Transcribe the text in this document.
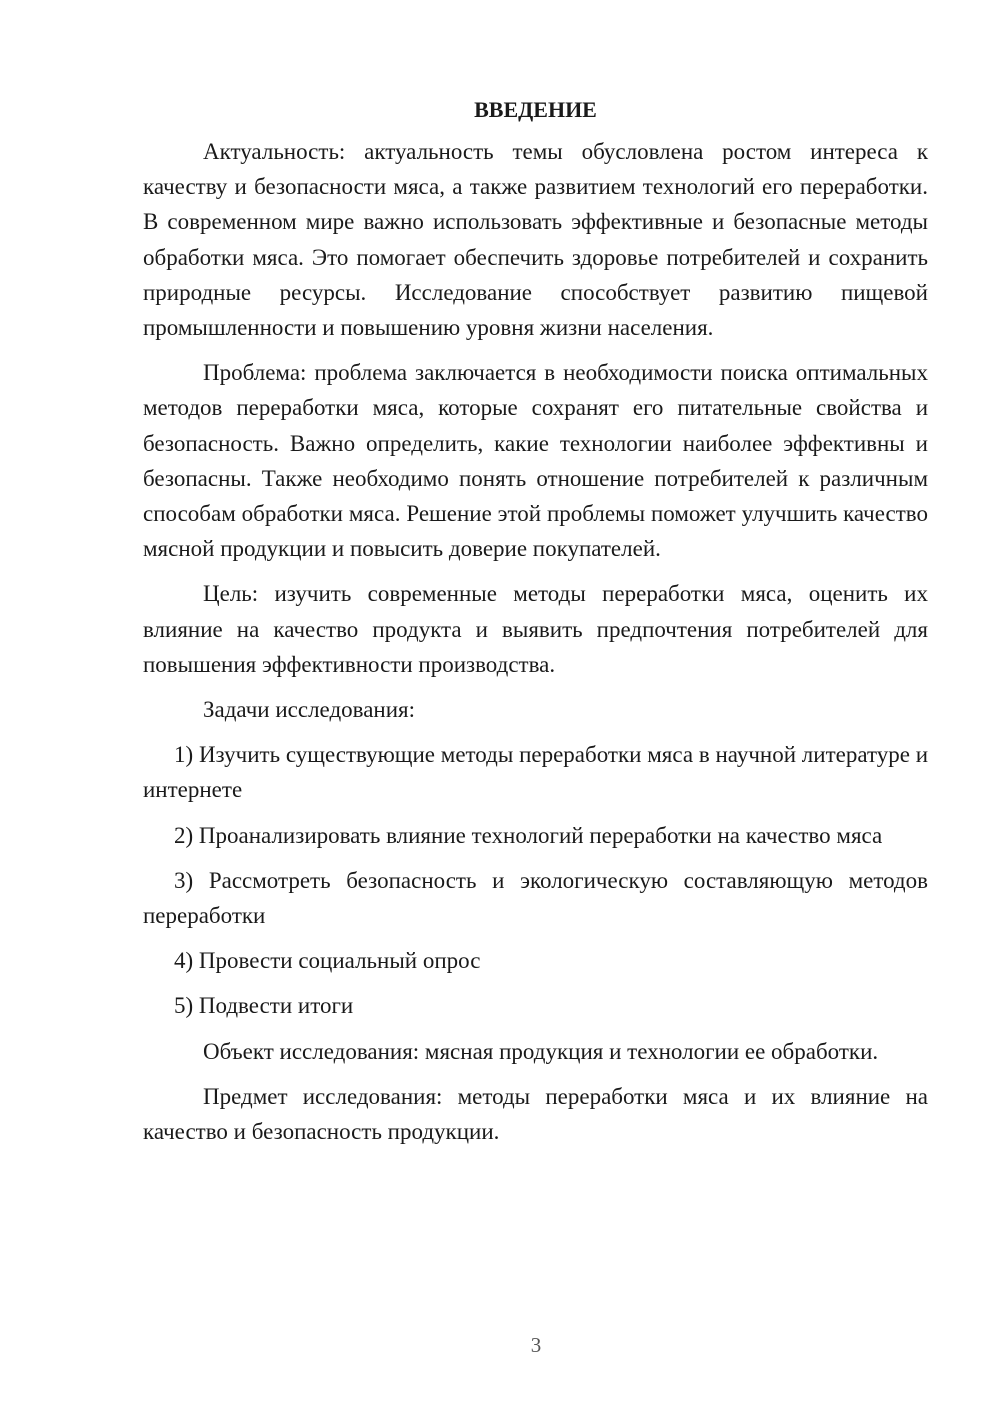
ВВЕДЕНИЕ

Актуальность: актуальность темы обусловлена ростом интереса к качеству и безопасности мяса, а также развитием технологий его переработки. В современном мире важно использовать эффективные и безопасные методы обработки мяса. Это помогает обеспечить здоровье потребителей и сохранить природные ресурсы. Исследование способствует развитию пищевой промышленности и повышению уровня жизни населения.

Проблема: проблема заключается в необходимости поиска оптимальных методов переработки мяса, которые сохранят его питательные свойства и безопасность. Важно определить, какие технологии наиболее эффективны и безопасны. Также необходимо понять отношение потребителей к различным способам обработки мяса. Решение этой проблемы поможет улучшить качество мясной продукции и повысить доверие покупателей.

Цель: изучить современные методы переработки мяса, оценить их влияние на качество продукта и выявить предпочтения потребителей для повышения эффективности производства.

Задачи исследования:

1) Изучить существующие методы переработки мяса в научной литературе и интернете

2) Проанализировать влияние технологий переработки на качество мяса

3) Рассмотреть безопасность и экологическую составляющую методов переработки

4) Провести социальный опрос

5) Подвести итоги

Объект исследования: мясная продукция и технологии ее обработки.

Предмет исследования: методы переработки мяса и их влияние на качество и безопасность продукции.

3
